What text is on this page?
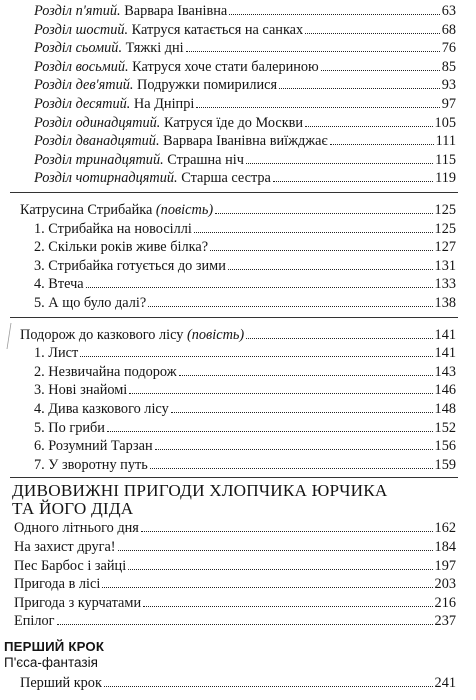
Розділ п'ятий. Варвара Іванівна	63
Розділ шостий. Катруся катається на санках	68
Розділ сьомий. Тяжкі дні	76
Розділ восьмий. Катруся хоче стати балериною	85
Розділ дев'ятий. Подружки помирилися	93
Розділ десятий. На Дніпрі	97
Розділ одинадцятий. Катруся їде до Москви	105
Розділ дванадцятий. Варвара Іванівна виїжджає	111
Розділ тринадцятий. Страшна ніч	115
Розділ чотирнадцятий. Старша сестра	119
Катрусина Стрибайка (повість)	125
1. Стрибайка на новосіллі	125
2. Скільки років живе білка?	127
3. Стрибайка готується до зими	131
4. Втеча	133
5. А що було далі?	138
Подорож до казкового лісу (повість)	141
1. Лист	141
2. Незвичайна подорож	143
3. Нові знайомі	146
4. Дива казкового лісу	148
5. По гриби	152
6. Розумний Тарзан	156
7. У зворотну путь	159
ДИВОВИЖНІ ПРИГОДИ ХЛОПЧИКА ЮРЧИКА
ТА ЙОГО ДІДА
Одного літнього дня	162
На захист друга!	184
Пес Барбос і зайці	197
Пригода в лісі	203
Пригода з курчатами	216
Епілог	237
ПЕРШИЙ КРОК
П'єса-фантазія
Перший крок	241
